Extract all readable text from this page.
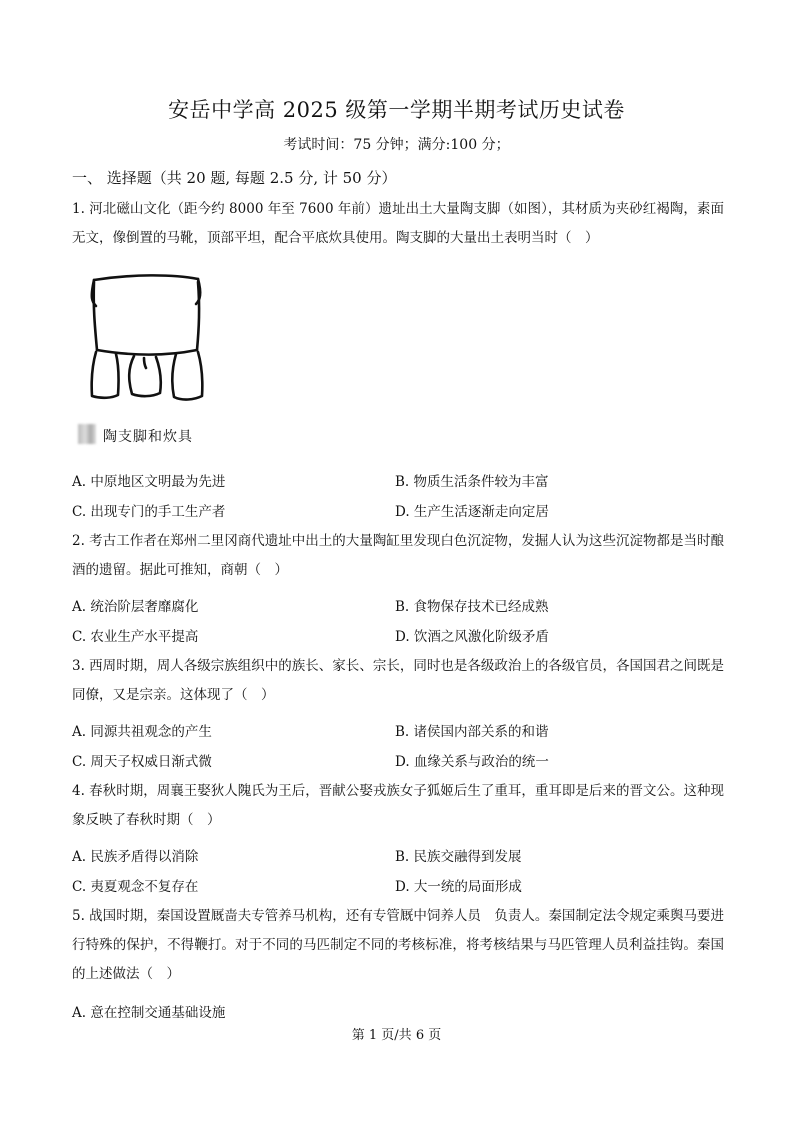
安岳中学高 2025 级第一学期半期考试历史试卷
考试时间：75 分钟；满分:100 分；
一、 选择题（共 20 题, 每题 2.5 分, 计 50 分）
1. 河北磁山文化（距今约 8000 年至 7600 年前）遗址出土大量陶支脚（如图），其材质为夹砂红褐陶，素面无文，像倒置的马靴，顶部平坦，配合平底炊具使用。陶支脚的大量出土表明当时（　）
陶支脚和炊具
A. 中原地区文明最为先进	B. 物质生活条件较为丰富
C. 出现专门的手工生产者	D. 生产生活逐渐走向定居
2. 考古工作者在郑州二里冈商代遗址中出土的大量陶缸里发现白色沉淀物，发掘人认为这些沉淀物都是当时酿酒的遗留。据此可推知，商朝（　）
A. 统治阶层奢靡腐化	B. 食物保存技术已经成熟
C. 农业生产水平提高	D. 饮酒之风激化阶级矛盾
3. 西周时期，周人各级宗族组织中的族长、家长、宗长，同时也是各级政治上的各级官员，各国国君之间既是同僚，又是宗亲。这体现了（　）
A. 同源共祖观念的产生	B. 诸侯国内部关系的和谐
C. 周天子权威日渐式微	D. 血缘关系与政治的统一
4. 春秋时期，周襄王娶狄人隗氏为王后，晋献公娶戎族女子狐姬后生了重耳，重耳即是后来的晋文公。这种现象反映了春秋时期（　）
A. 民族矛盾得以消除	B. 民族交融得到发展
C. 夷夏观念不复存在	D. 大一统的局面形成
5. 战国时期，秦国设置厩啬夫专管养马机构，还有专管厩中饲养人员　负责人。秦国制定法令规定乘舆马要进行特殊的保护，不得鞭打。对于不同的马匹制定不同的考核标准，将考核结果与马匹管理人员利益挂钩。秦国的上述做法（　）
A. 意在控制交通基础设施
第 1 页/共 6 页
